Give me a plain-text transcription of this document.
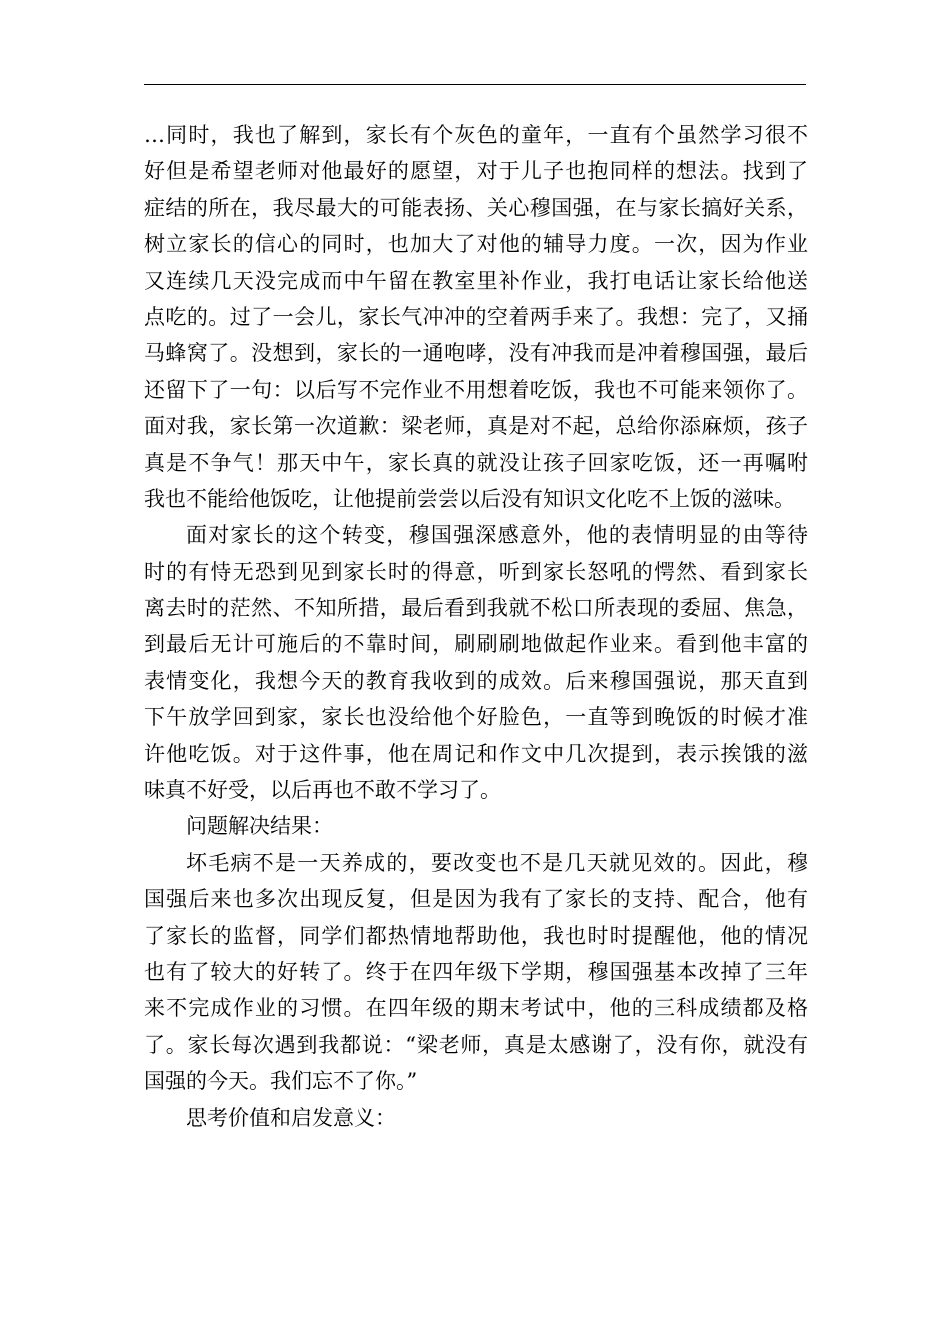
…同时，我也了解到，家长有个灰色的童年，一直有个虽然学习很不
好但是希望老师对他最好的愿望，对于儿子也抱同样的想法。找到了
症结的所在，我尽最大的可能表扬、关心穆国强，在与家长搞好关系，
树立家长的信心的同时，也加大了对他的辅导力度。一次，因为作业
又连续几天没完成而中午留在教室里补作业，我打电话让家长给他送
点吃的。过了一会儿，家长气冲冲的空着两手来了。我想：完了，又捅
马蜂窝了。没想到，家长的一通咆哮，没有冲我而是冲着穆国强，最后
还留下了一句：以后写不完作业不用想着吃饭，我也不可能来领你了。
面对我，家长第一次道歉：梁老师，真是对不起，总给你添麻烦，孩子
真是不争气！那天中午，家长真的就没让孩子回家吃饭，还一再嘱咐
我也不能给他饭吃，让他提前尝尝以后没有知识文化吃不上饭的滋味。
面对家长的这个转变，穆国强深感意外，他的表情明显的由等待
时的有恃无恐到见到家长时的得意，听到家长怒吼的愕然、看到家长
离去时的茫然、不知所措，最后看到我就不松口所表现的委屈、焦急，
到最后无计可施后的不靠时间，刷刷刷地做起作业来。看到他丰富的
表情变化，我想今天的教育我收到的成效。后来穆国强说，那天直到
下午放学回到家，家长也没给他个好脸色，一直等到晚饭的时候才准
许他吃饭。对于这件事，他在周记和作文中几次提到，表示挨饿的滋
味真不好受，以后再也不敢不学习了。
问题解决结果：
坏毛病不是一天养成的，要改变也不是几天就见效的。因此，穆
国强后来也多次出现反复，但是因为我有了家长的支持、配合，他有
了家长的监督，同学们都热情地帮助他，我也时时提醒他，他的情况
也有了较大的好转了。终于在四年级下学期，穆国强基本改掉了三年
来不完成作业的习惯。在四年级的期末考试中，他的三科成绩都及格
了。家长每次遇到我都说：“梁老师，真是太感谢了，没有你，就没有
国强的今天。我们忘不了你。”
思考价值和启发意义：
